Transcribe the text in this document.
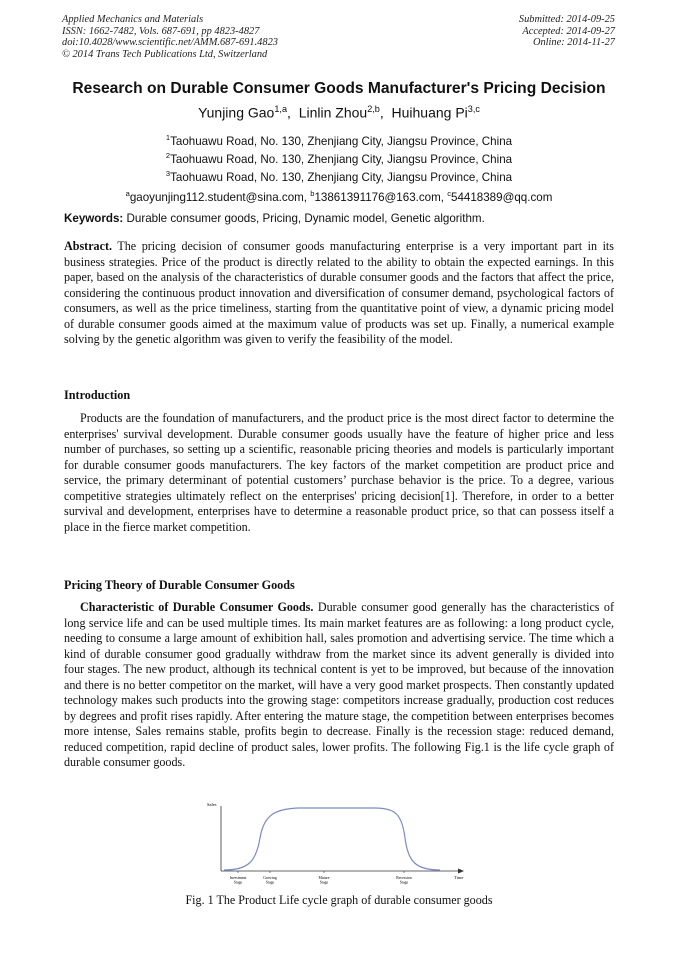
Applied Mechanics and Materials
ISSN: 1662-7482, Vols. 687-691, pp 4823-4827
doi:10.4028/www.scientific.net/AMM.687-691.4823
© 2014 Trans Tech Publications Ltd, Switzerland
Submitted: 2014-09-25
Accepted: 2014-09-27
Online: 2014-11-27
Research on Durable Consumer Goods Manufacturer's Pricing Decision
Yunjing Gao$^{1,a}$,  Linlin Zhou$^{2,b}$,  Huihuang Pi$^{3,c}$
$^1$Taohuawu Road, No. 130, Zhenjiang City, Jiangsu Province, China
$^2$Taohuawu Road, No. 130, Zhenjiang City, Jiangsu Province, China
$^3$Taohuawu Road, No. 130, Zhenjiang City, Jiangsu Province, China
$^a$gaoyunjing112.student@sina.com, $^b$13861391176@163.com, $^c$54418389@qq.com
Keywords: Durable consumer goods, Pricing, Dynamic model, Genetic algorithm.

Abstract. The pricing decision of consumer goods manufacturing enterprise is a very important part in its business strategies. Price of the product is directly related to the ability to obtain the expected earnings. In this paper, based on the analysis of the characteristics of durable consumer goods and the factors that affect the price, considering the continuous product innovation and diversification of consumer demand, psychological factors of consumers, as well as the price timeliness, starting from the quantitative point of view, a dynamic pricing model of durable consumer goods aimed at the maximum value of products was set up. Finally, a numerical example solving by the genetic algorithm was given to verify the feasibility of the model.

Introduction

Products are the foundation of manufacturers, and the product price is the most direct factor to determine the enterprises' survival development. Durable consumer goods usually have the feature of higher price and less number of purchases, so setting up a scientific, reasonable pricing theories and models is particularly important for durable consumer goods manufacturers. The key factors of the market competition are product price and service, the primary determinant of potential customers’ purchase behavior is the price. To a degree, various competitive strategies ultimately reflect on the enterprises' pricing decision[1]. Therefore, in order to a better survival and development, enterprises have to determine a reasonable product price, so that can possess itself a place in the fierce market competition.

Pricing Theory of Durable Consumer Goods

Characteristic of Durable Consumer Goods. Durable consumer good generally has the characteristics of long service life and can be used multiple times. Its main market features are as following: a long product cycle, needing to consume a large amount of exhibition hall, sales promotion and advertising service. The time which a kind of durable consumer good gradually withdraw from the market since its advent generally is divided into four stages. The new product, although its technical content is yet to be improved, but because of the innovation and there is no better competitor on the market, will have a very good market prospects. Then constantly updated technology makes such products into the growing stage: competitors increase gradually, production cost reduces by degrees and profit rises rapidly. After entering the mature stage, the competition between enterprises becomes more intense, Sales remains stable, profits begin to decrease. Finally is the recession stage: reduced demand, reduced competition, rapid decline of product sales, lower profits. The following Fig.1 is the life cycle graph of durable consumer goods.

Sales
Time
Investment Stage
Growing Stage
Mature Stage
Recession Stage
Fig. 1 The Product Life cycle graph of durable consumer goods
